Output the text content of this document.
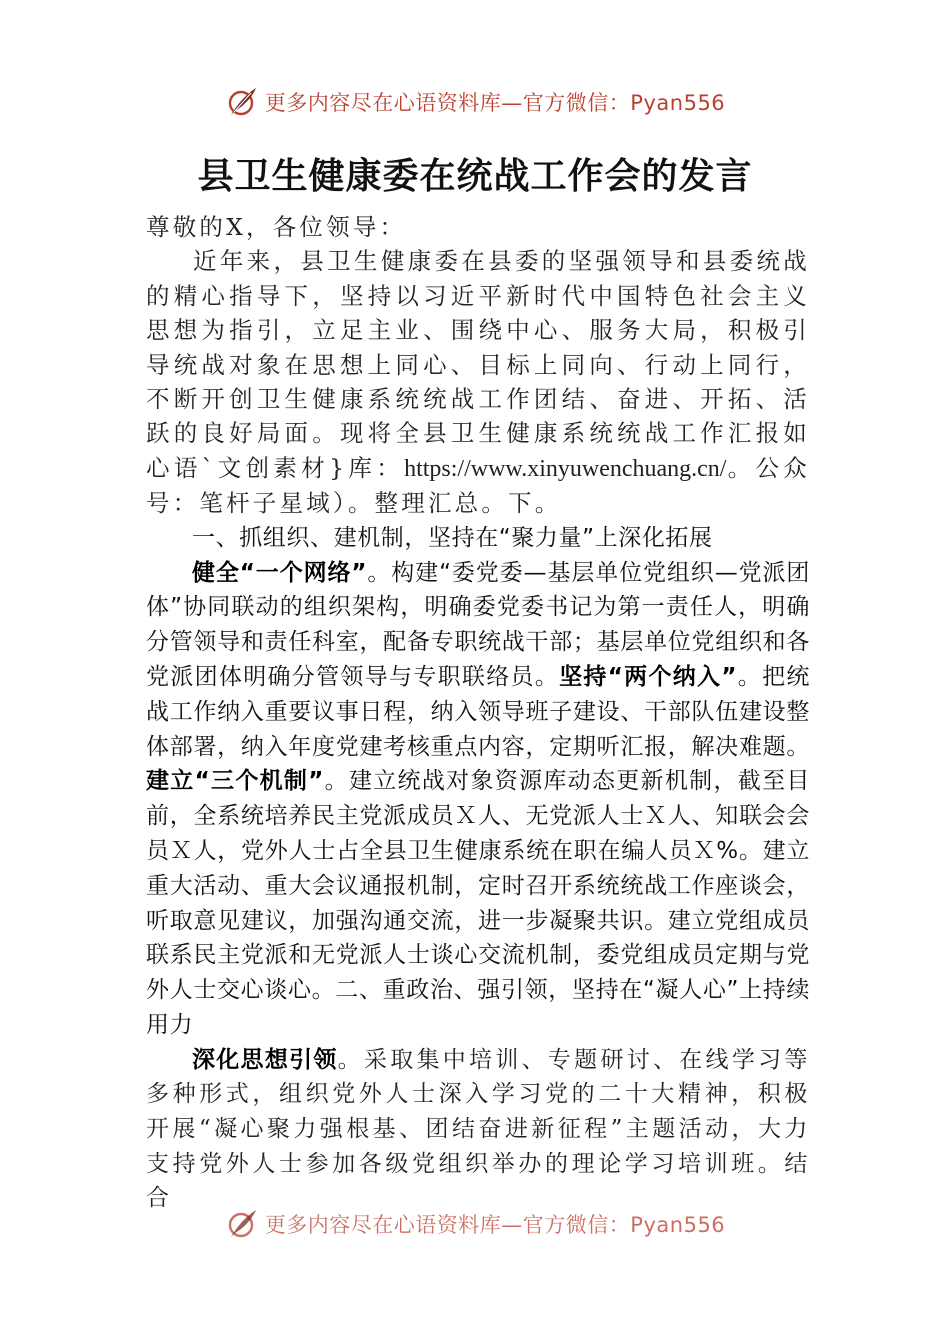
更多内容尽在心语资料库—官方微信：Pyan556
县卫生健康委在统战工作会的发言

尊敬的X，各位领导：

近年来，县卫生健康委在县委的坚强领导和县委统战的精心指导下，坚持以习近平新时代中国特色社会主义思想为指引，立足主业、围绕中心、服务大局，积极引导统战对象在思想上同心、目标上同向、行动上同行，不断开创卫生健康系统统战工作团结、奋进、开拓、活跃的良好局面。现将全县卫生健康系统统战工作汇报如心语`文创素材}库：https://www.xinyuwenchuang.cn/。公众号：笔杆子星域）。整理汇总。下。

一、抓组织、建机制，坚持在“聚力量”上深化拓展

健全“一个网络”。构建“委党委—基层单位党组织—党派团体”协同联动的组织架构，明确委党委书记为第一责任人，明确分管领导和责任科室，配备专职统战干部；基层单位党组织和各党派团体明确分管领导与专职联络员。坚持“两个纳入”。把统战工作纳入重要议事日程，纳入领导班子建设、干部队伍建设整体部署，纳入年度党建考核重点内容，定期听汇报，解决难题。建立“三个机制”。建立统战对象资源库动态更新机制，截至目前，全系统培养民主党派成员Ｘ人、无党派人士Ｘ人、知联会会员Ｘ人，党外人士占全县卫生健康系统在职在编人员Ｘ%。建立重大活动、重大会议通报机制，定时召开系统统战工作座谈会，听取意见建议，加强沟通交流，进一步凝聚共识。建立党组成员联系民主党派和无党派人士谈心交流机制，委党组成员定期与党外人士交心谈心。二、重政治、强引领，坚持在“凝人心”上持续用力

深化思想引领。采取集中培训、专题研讨、在线学习等多种形式，组织党外人士深入学习党的二十大精神，积极开展“凝心聚力强根基、团结奋进新征程”主题活动，大力支持党外人士参加各级党组织举办的理论学习培训班。结合

更多内容尽在心语资料库—官方微信：Pyan556
